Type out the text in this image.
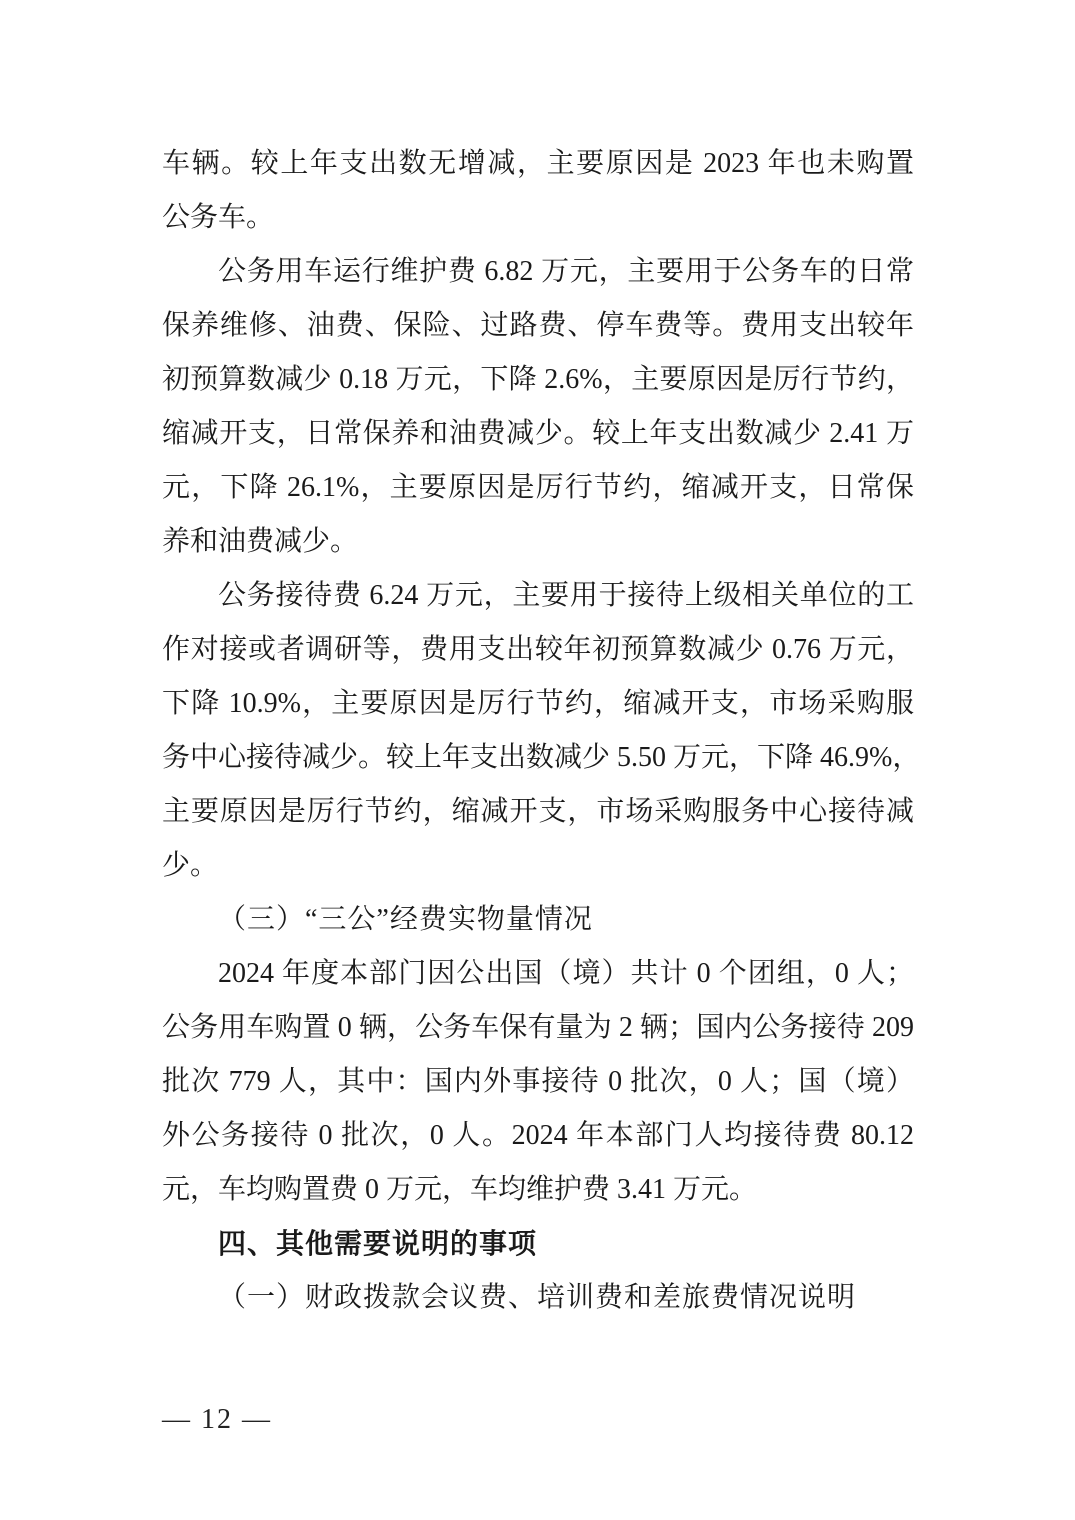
车辆。较上年支出数无增减，主要原因是 2023 年也未购置
公务车。
公务用车运行维护费 6.82 万元，主要用于公务车的日常
保养维修、油费、保险、过路费、停车费等。费用支出较年
初预算数减少 0.18 万元，下降 2.6%，主要原因是厉行节约，
缩减开支，日常保养和油费减少。较上年支出数减少 2.41 万
元，下降 26.1%，主要原因是厉行节约，缩减开支，日常保
养和油费减少。
公务接待费 6.24 万元，主要用于接待上级相关单位的工
作对接或者调研等，费用支出较年初预算数减少 0.76 万元，
下降 10.9%，主要原因是厉行节约，缩减开支，市场采购服
务中心接待减少。较上年支出数减少 5.50 万元，下降 46.9%，
主要原因是厉行节约，缩减开支，市场采购服务中心接待减
少。
（三）“三公”经费实物量情况
2024 年度本部门因公出国（境）共计 0 个团组，0 人；
公务用车购置 0 辆，公务车保有量为 2 辆；国内公务接待 209
批次 779 人，其中：国内外事接待 0 批次，0 人；国（境）
外公务接待 0 批次，0 人。2024 年本部门人均接待费 80.12
元，车均购置费 0 万元，车均维护费 3.41 万元。
四、其他需要说明的事项
（一）财政拨款会议费、培训费和差旅费情况说明
— 12 —
